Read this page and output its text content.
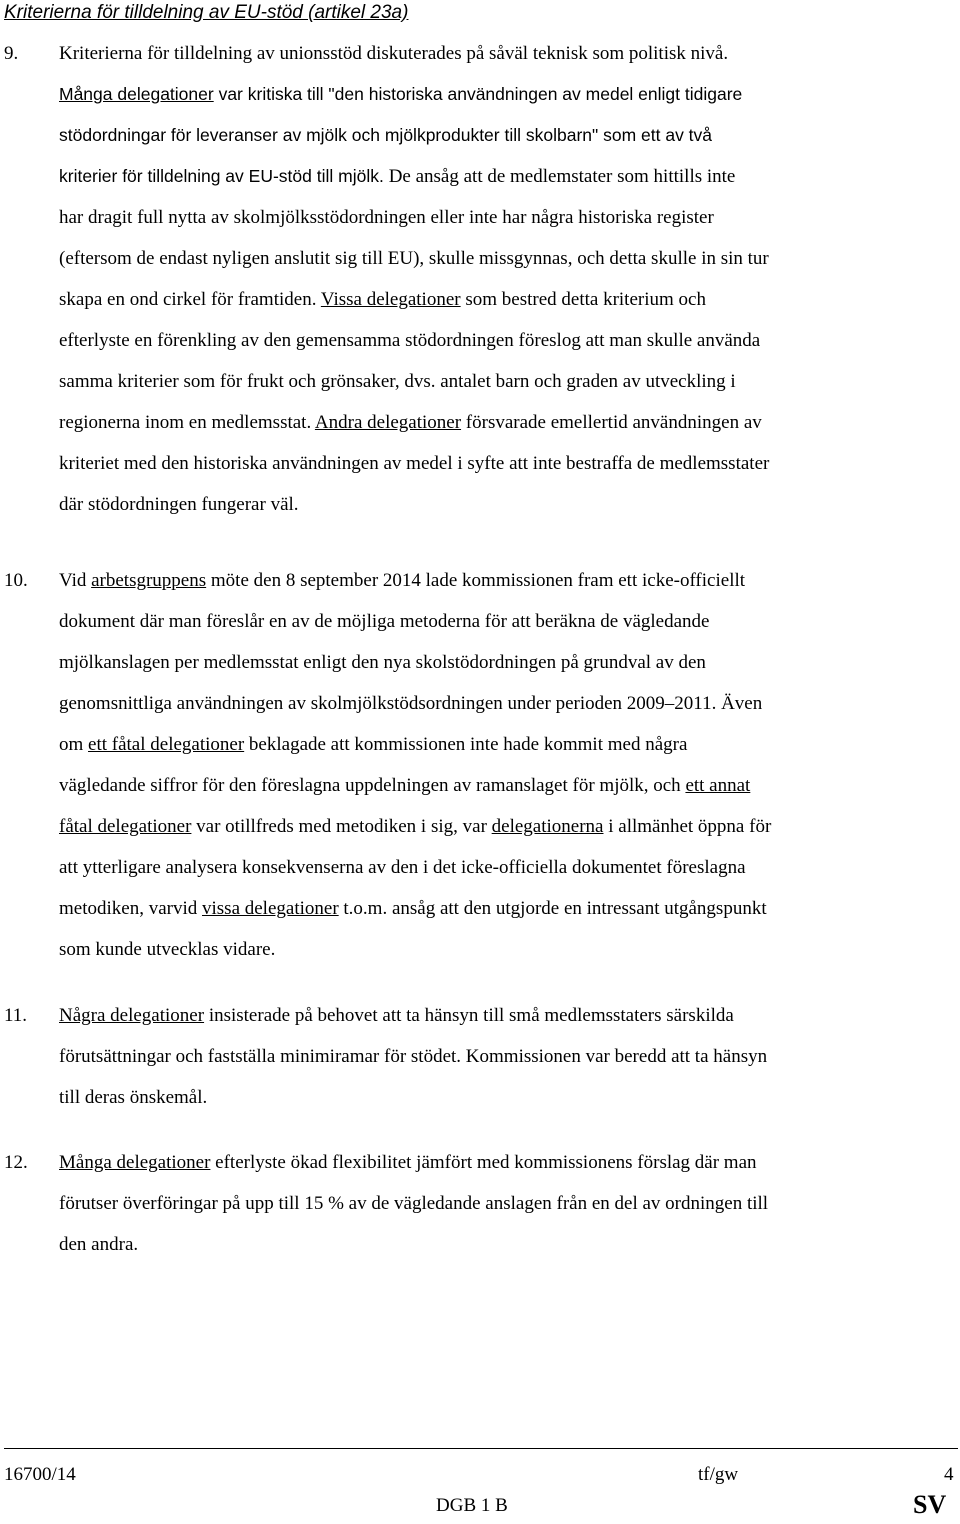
Kriterierna för tilldelning av EU-stöd (artikel 23a)
9. Kriterierna för tilldelning av unionsstöd diskuterades på såväl teknisk som politisk nivå.
Många delegationer var kritiska till "den historiska användningen av medel enligt tidigare
stödordningar för leveranser av mjölk och mjölkprodukter till skolbarn" som ett av två
kriterier för tilldelning av EU-stöd till mjölk. De ansåg att de medlemstater som hittills inte
har dragit full nytta av skolmjölksstödordningen eller inte har några historiska register
(eftersom de endast nyligen anslutit sig till EU), skulle missgynnas, och detta skulle in sin tur
skapa en ond cirkel för framtiden. Vissa delegationer som bestred detta kriterium och
efterlyste en förenkling av den gemensamma stödordningen föreslog att man skulle använda
samma kriterier som för frukt och grönsaker, dvs. antalet barn och graden av utveckling i
regionerna inom en medlemsstat. Andra delegationer försvarade emellertid användningen av
kriteriet med den historiska användningen av medel i syfte att inte bestraffa de medlemsstater
där stödordningen fungerar väl.
10. Vid arbetsgruppens möte den 8 september 2014 lade kommissionen fram ett icke-officiellt
dokument där man föreslår en av de möjliga metoderna för att beräkna de vägledande
mjölkanslagen per medlemsstat enligt den nya skolstödordningen på grundval av den
genomsnittliga användningen av skolmjölkstödsordningen under perioden 2009–2011. Även
om ett fåtal delegationer beklagade att kommissionen inte hade kommit med några
vägledande siffror för den föreslagna uppdelningen av ramanslaget för mjölk, och ett annat
fåtal delegationer var otillfreds med metodiken i sig, var delegationerna i allmänhet öppna för
att ytterligare analysera konsekvenserna av den i det icke-officiella dokumentet föreslagna
metodiken, varvid vissa delegationer t.o.m. ansåg att den utgjorde en intressant utgångspunkt
som kunde utvecklas vidare.
11. Några delegationer insisterade på behovet att ta hänsyn till små medlemsstaters särskilda
förutsättningar och fastställa minimiramar för stödet. Kommissionen var beredd att ta hänsyn
till deras önskemål.
12. Många delegationer efterlyste ökad flexibilitet jämfört med kommissionens förslag där man
förutser överföringar på upp till 15 % av de vägledande anslagen från en del av ordningen till
den andra.
16700/14	tf/gw	4
DGB 1 B	SV
